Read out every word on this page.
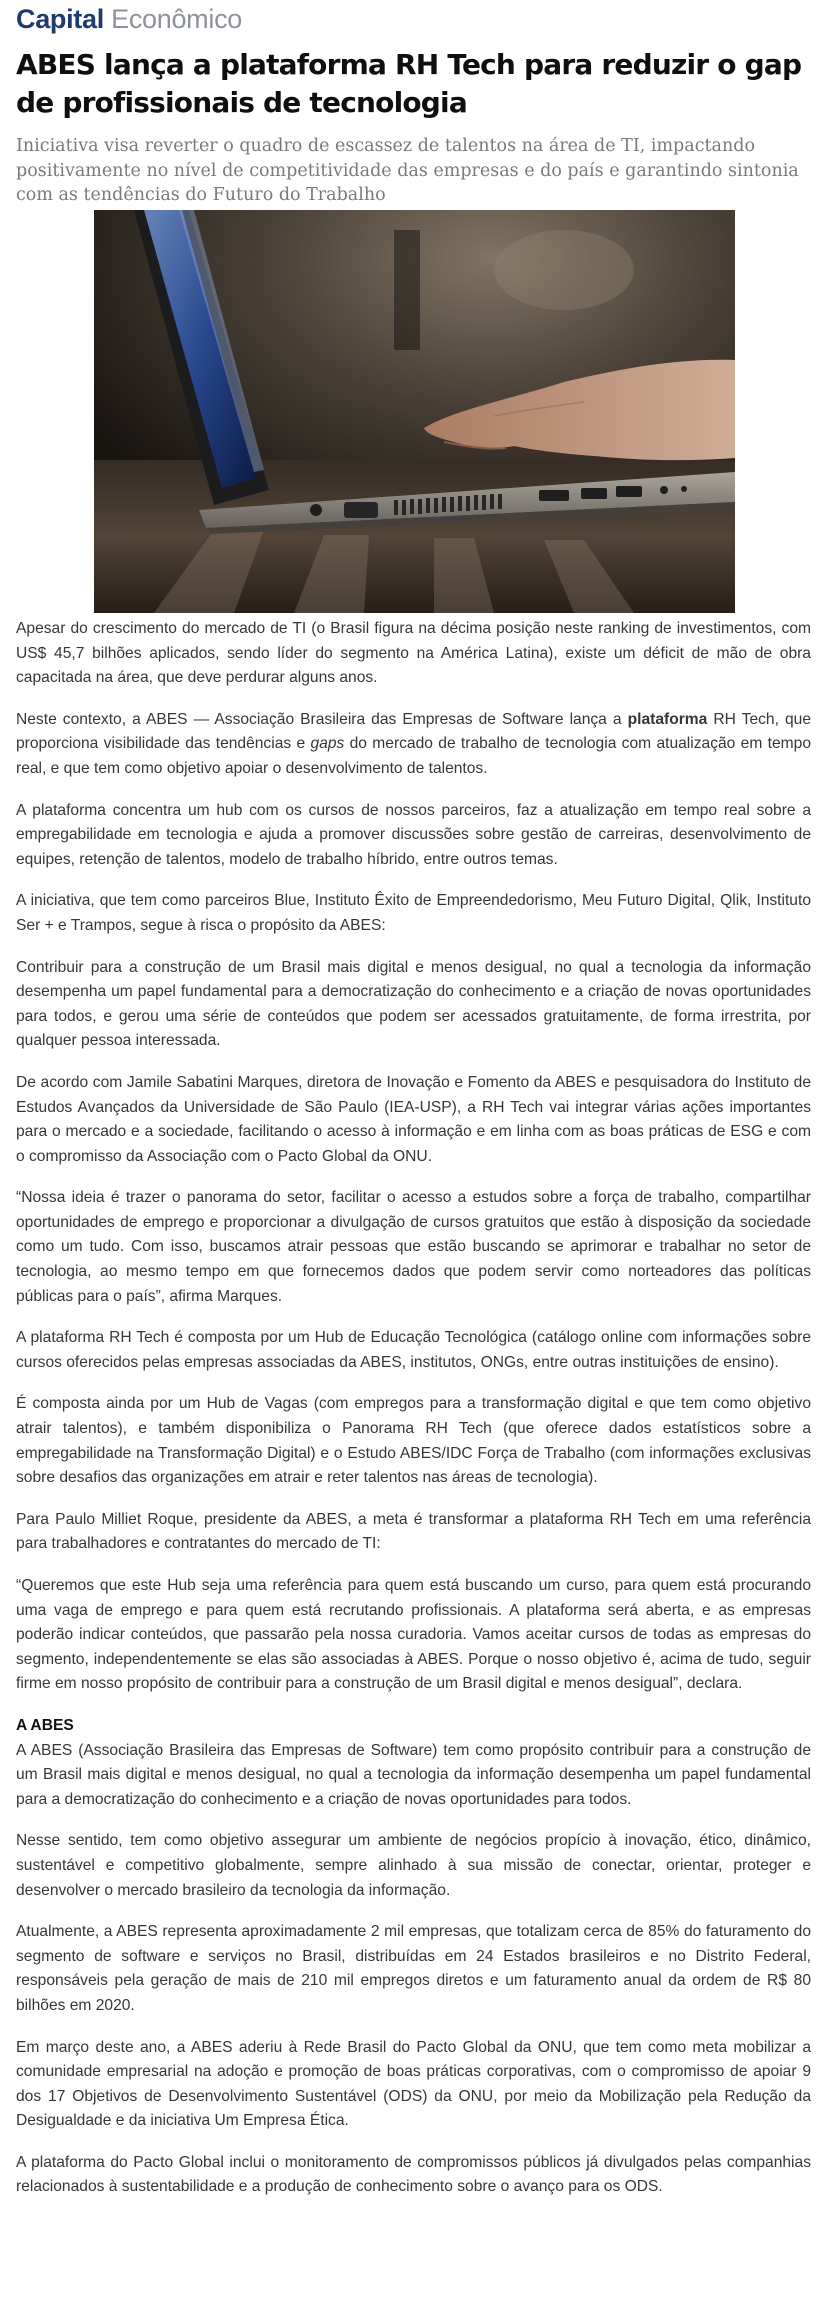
Capital Econômico
ABES lança a plataforma RH Tech para reduzir o gap de profissionais de tecnologia

Iniciativa visa reverter o quadro de escassez de talentos na área de TI, impactando positivamente no nível de competitividade das empresas e do país e garantindo sintonia com as tendências do Futuro do Trabalho

Apesar do crescimento do mercado de TI (o Brasil figura na décima posição neste ranking de investimentos, com US$ 45,7 bilhões aplicados, sendo líder do segmento na América Latina), existe um déficit de mão de obra capacitada na área, que deve perdurar alguns anos.

Neste contexto, a ABES — Associação Brasileira das Empresas de Software lança a plataforma RH Tech, que proporciona visibilidade das tendências e gaps do mercado de trabalho de tecnologia com atualização em tempo real, e que tem como objetivo apoiar o desenvolvimento de talentos.

A plataforma concentra um hub com os cursos de nossos parceiros, faz a atualização em tempo real sobre a empregabilidade em tecnologia e ajuda a promover discussões sobre gestão de carreiras, desenvolvimento de equipes, retenção de talentos, modelo de trabalho híbrido, entre outros temas.

A iniciativa, que tem como parceiros Blue, Instituto Êxito de Empreendedorismo, Meu Futuro Digital, Qlik, Instituto Ser + e Trampos, segue à risca o propósito da ABES:

Contribuir para a construção de um Brasil mais digital e menos desigual, no qual a tecnologia da informação desempenha um papel fundamental para a democratização do conhecimento e a criação de novas oportunidades para todos, e gerou uma série de conteúdos que podem ser acessados gratuitamente, de forma irrestrita, por qualquer pessoa interessada.

De acordo com Jamile Sabatini Marques, diretora de Inovação e Fomento da ABES e pesquisadora do Instituto de Estudos Avançados da Universidade de São Paulo (IEA-USP), a RH Tech vai integrar várias ações importantes para o mercado e a sociedade, facilitando o acesso à informação e em linha com as boas práticas de ESG e com o compromisso da Associação com o Pacto Global da ONU.

“Nossa ideia é trazer o panorama do setor, facilitar o acesso a estudos sobre a força de trabalho, compartilhar oportunidades de emprego e proporcionar a divulgação de cursos gratuitos que estão à disposição da sociedade como um tudo. Com isso, buscamos atrair pessoas que estão buscando se aprimorar e trabalhar no setor de tecnologia, ao mesmo tempo em que fornecemos dados que podem servir como norteadores das políticas públicas para o país”, afirma Marques.

A plataforma RH Tech é composta por um Hub de Educação Tecnológica (catálogo online com informações sobre cursos oferecidos pelas empresas associadas da ABES, institutos, ONGs, entre outras instituições de ensino).

É composta ainda por um Hub de Vagas (com empregos para a transformação digital e que tem como objetivo atrair talentos), e também disponibiliza o Panorama RH Tech (que oferece dados estatísticos sobre a empregabilidade na Transformação Digital) e o Estudo ABES/IDC Força de Trabalho (com informações exclusivas sobre desafios das organizações em atrair e reter talentos nas áreas de tecnologia).

Para Paulo Milliet Roque, presidente da ABES, a meta é transformar a plataforma RH Tech em uma referência para trabalhadores e contratantes do mercado de TI:

“Queremos que este Hub seja uma referência para quem está buscando um curso, para quem está procurando uma vaga de emprego e para quem está recrutando profissionais. A plataforma será aberta, e as empresas poderão indicar conteúdos, que passarão pela nossa curadoria. Vamos aceitar cursos de todas as empresas do segmento, independentemente se elas são associadas à ABES. Porque o nosso objetivo é, acima de tudo, seguir firme em nosso propósito de contribuir para a construção de um Brasil digital e menos desigual”, declara.

A ABES

A ABES (Associação Brasileira das Empresas de Software) tem como propósito contribuir para a construção de um Brasil mais digital e menos desigual, no qual a tecnologia da informação desempenha um papel fundamental para a democratização do conhecimento e a criação de novas oportunidades para todos.

Nesse sentido, tem como objetivo assegurar um ambiente de negócios propício à inovação, ético, dinâmico, sustentável e competitivo globalmente, sempre alinhado à sua missão de conectar, orientar, proteger e desenvolver o mercado brasileiro da tecnologia da informação.

Atualmente, a ABES representa aproximadamente 2 mil empresas, que totalizam cerca de 85% do faturamento do segmento de software e serviços no Brasil, distribuídas em 24 Estados brasileiros e no Distrito Federal, responsáveis pela geração de mais de 210 mil empregos diretos e um faturamento anual da ordem de R$ 80 bilhões em 2020.

Em março deste ano, a ABES aderiu à Rede Brasil do Pacto Global da ONU, que tem como meta mobilizar a comunidade empresarial na adoção e promoção de boas práticas corporativas, com o compromisso de apoiar 9 dos 17 Objetivos de Desenvolvimento Sustentável (ODS) da ONU, por meio da Mobilização pela Redução da Desigualdade e da iniciativa Um Empresa Ética.

A plataforma do Pacto Global inclui o monitoramento de compromissos públicos já divulgados pelas companhias relacionados à sustentabilidade e a produção de conhecimento sobre o avanço para os ODS.
